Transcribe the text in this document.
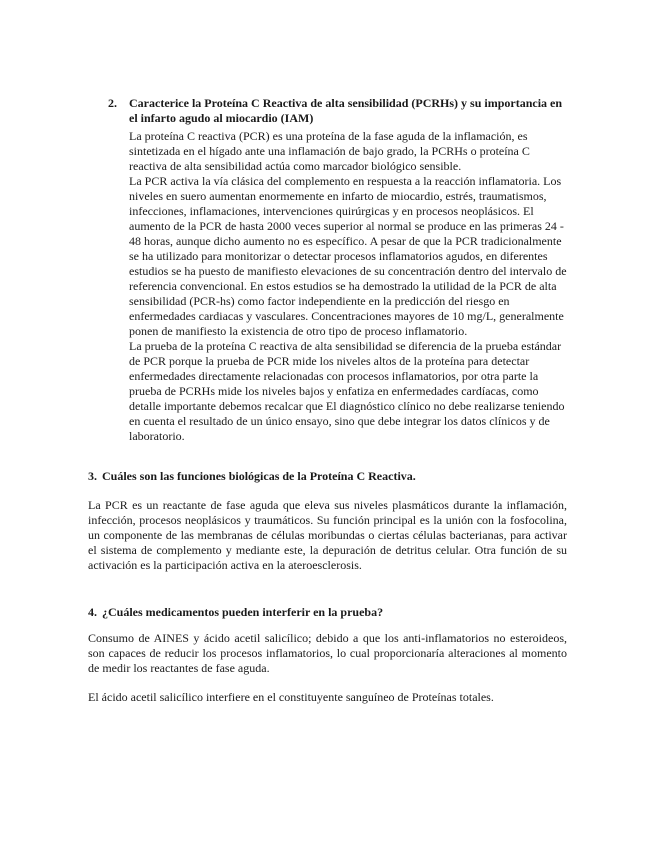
2. Caracterice la Proteína C Reactiva de alta sensibilidad (PCRHs) y su importancia en el infarto agudo al miocardio (IAM)

La proteína C reactiva (PCR) es una proteína de la fase aguda de la inflamación, es sintetizada en el hígado ante una inflamación de bajo grado, la PCRHs o proteína C reactiva de alta sensibilidad actúa como marcador biológico sensible.

La PCR activa la vía clásica del complemento en respuesta a la reacción inflamatoria. Los niveles en suero aumentan enormemente en infarto de miocardio, estrés, traumatismos, infecciones, inflamaciones, intervenciones quirúrgicas y en procesos neoplásicos. El aumento de la PCR de hasta 2000 veces superior al normal se produce en las primeras 24 - 48 horas, aunque dicho aumento no es específico. A pesar de que la PCR tradicionalmente se ha utilizado para monitorizar o detectar procesos inflamatorios agudos, en diferentes estudios se ha puesto de manifiesto elevaciones de su concentración dentro del intervalo de referencia convencional. En estos estudios se ha demostrado la utilidad de la PCR de alta sensibilidad (PCR-hs) como factor independiente en la predicción del riesgo en enfermedades cardiacas y vasculares. Concentraciones mayores de 10 mg/L, generalmente ponen de manifiesto la existencia de otro tipo de proceso inflamatorio.

La prueba de la proteína C reactiva de alta sensibilidad se diferencia de la prueba estándar de PCR porque la prueba de PCR mide los niveles altos de la proteína para detectar enfermedades directamente relacionadas con procesos inflamatorios, por otra parte la prueba de PCRHs mide los niveles bajos y enfatiza en enfermedades cardíacas, como detalle importante debemos recalcar que El diagnóstico clínico no debe realizarse teniendo en cuenta el resultado de un único ensayo, sino que debe integrar los datos clínicos y de laboratorio.

3. Cuáles son las funciones biológicas de la Proteína C Reactiva.

La PCR es un reactante de fase aguda que eleva sus niveles plasmáticos durante la inflamación, infección, procesos neoplásicos y traumáticos. Su función principal es la unión con la fosfocolina, un componente de las membranas de células moribundas o ciertas células bacterianas, para activar el sistema de complemento y mediante este, la depuración de detritus celular. Otra función de su activación es la participación activa en la ateroesclerosis.

4. ¿Cuáles medicamentos pueden interferir en la prueba?

Consumo de AINES y ácido acetil salicílico; debido a que los anti-inflamatorios no esteroideos, son capaces de reducir los procesos inflamatorios, lo cual proporcionaría alteraciones al momento de medir los reactantes de fase aguda.

El ácido acetil salicílico interfiere en el constituyente sanguíneo de Proteínas totales.
